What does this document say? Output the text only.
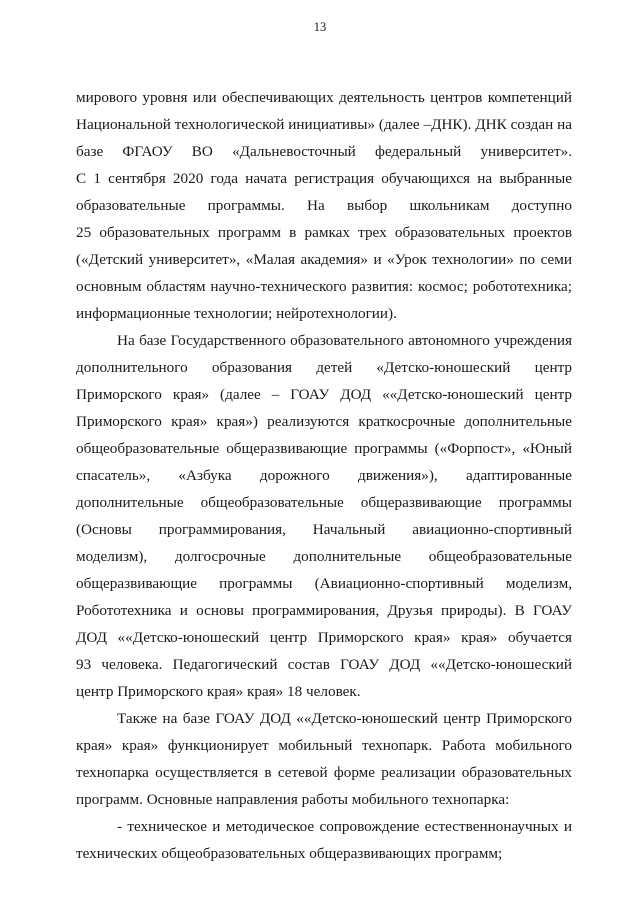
13
мирового уровня или обеспечивающих деятельность центров компетенций
Национальной технологической инициативы» (далее –ДНК). ДНК создан на
базе ФГАОУ ВО «Дальневосточный федеральный университет».
С 1 сентября 2020 года начата регистрация обучающихся на выбранные
образовательные программы. На выбор школьникам доступно
25 образовательных программ в рамках трех образовательных проектов
(«Детский университет», «Малая академия» и «Урок технологии» по семи
основным областям научно-технического развития: космос; робототехника;
информационные технологии; нейротехнологии).
На базе Государственного образовательного автономного учреждения
дополнительного образования детей «Детско-юношеский центр
Приморского края» (далее – ГОАУ ДОД ««Детско-юношеский центр
Приморского края» края») реализуются краткосрочные дополнительные
общеобразовательные общеразвивающие программы («Форпост», «Юный
спасатель», «Азбука дорожного движения»), адаптированные
дополнительные общеобразовательные общеразвивающие программы
(Основы программирования, Начальный авиационно-спортивный
моделизм), долгосрочные дополнительные общеобразовательные
общеразвивающие программы (Авиационно-спортивный моделизм,
Робототехника и основы программирования, Друзья природы). В ГОАУ
ДОД ««Детско-юношеский центр Приморского края» края» обучается
93 человека. Педагогический состав ГОАУ ДОД ««Детско-юношеский
центр Приморского края» края» 18 человек.
Также на базе ГОАУ ДОД ««Детско-юношеский центр Приморского
края» края» функционирует мобильный технопарк. Работа мобильного
технопарка осуществляется в сетевой форме реализации образовательных
программ. Основные направления работы мобильного технопарка:
- техническое и методическое сопровождение естественнонаучных и
технических общеобразовательных общеразвивающих программ;
